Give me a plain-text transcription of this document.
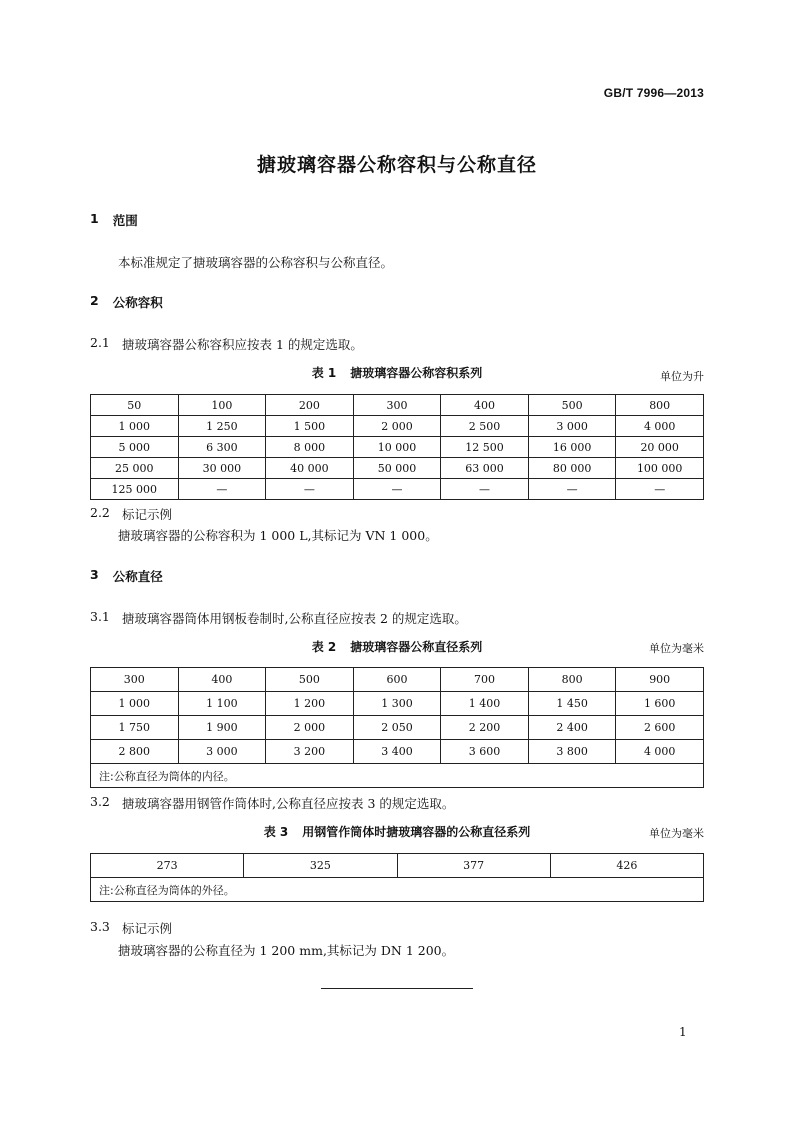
GB/T 7996—2013
搪玻璃容器公称容积与公称直径
1 范围
本标准规定了搪玻璃容器的公称容积与公称直径。
2 公称容积
2.1 搪玻璃容器公称容积应按表 1 的规定选取。
表 1 搪玻璃容器公称容积系列	单位为升
50	100	200	300	400	500	800
1 000	1 250	1 500	2 000	2 500	3 000	4 000
5 000	6 300	8 000	10 000	12 500	16 000	20 000
25 000	30 000	40 000	50 000	63 000	80 000	100 000
125 000	—	—	—	—	—	—
2.2 标记示例
搪玻璃容器的公称容积为 1 000 L,其标记为 VN 1 000。
3 公称直径
3.1 搪玻璃容器筒体用钢板卷制时,公称直径应按表 2 的规定选取。
表 2 搪玻璃容器公称直径系列	单位为毫米
300	400	500	600	700	800	900
1 000	1 100	1 200	1 300	1 400	1 450	1 600
1 750	1 900	2 000	2 050	2 200	2 400	2 600
2 800	3 000	3 200	3 400	3 600	3 800	4 000
注:公称直径为筒体的内径。						
3.2 搪玻璃容器用钢管作筒体时,公称直径应按表 3 的规定选取。
表 3 用钢管作筒体时搪玻璃容器的公称直径系列	单位为毫米
273	325	377	426
注:公称直径为筒体的外径。
3.3 标记示例
搪玻璃容器的公称直径为 1 200 mm,其标记为 DN 1 200。
1
